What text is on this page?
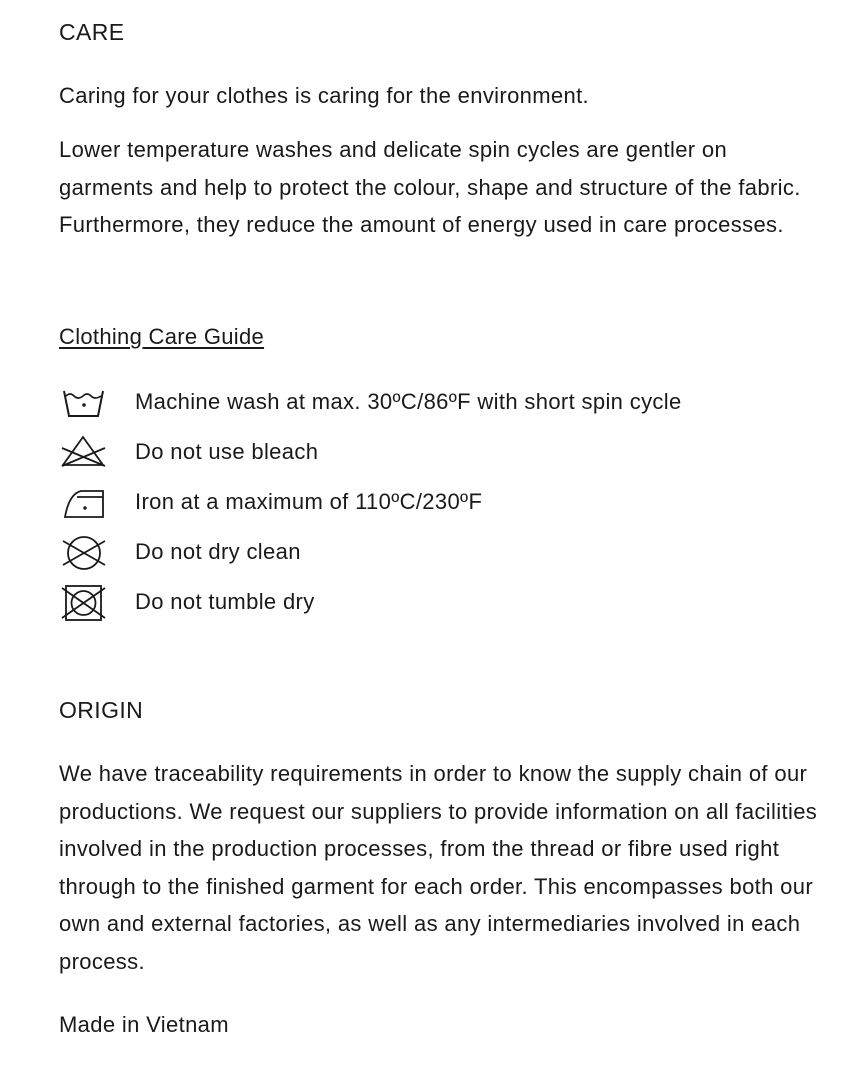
CARE
Caring for your clothes is caring for the environment.
Lower temperature washes and delicate spin cycles are gentler on garments and help to protect the colour, shape and structure of the fabric. Furthermore, they reduce the amount of energy used in care processes.
Clothing Care Guide
Machine wash at max. 30ºC/86ºF with short spin cycle
Do not use bleach
Iron at a maximum of 110ºC/230ºF
Do not dry clean
Do not tumble dry
ORIGIN
We have traceability requirements in order to know the supply chain of our productions. We request our suppliers to provide information on all facilities involved in the production processes, from the thread or fibre used right through to the finished garment for each order. This encompasses both our own and external factories, as well as any intermediaries involved in each process.
Made in Vietnam
